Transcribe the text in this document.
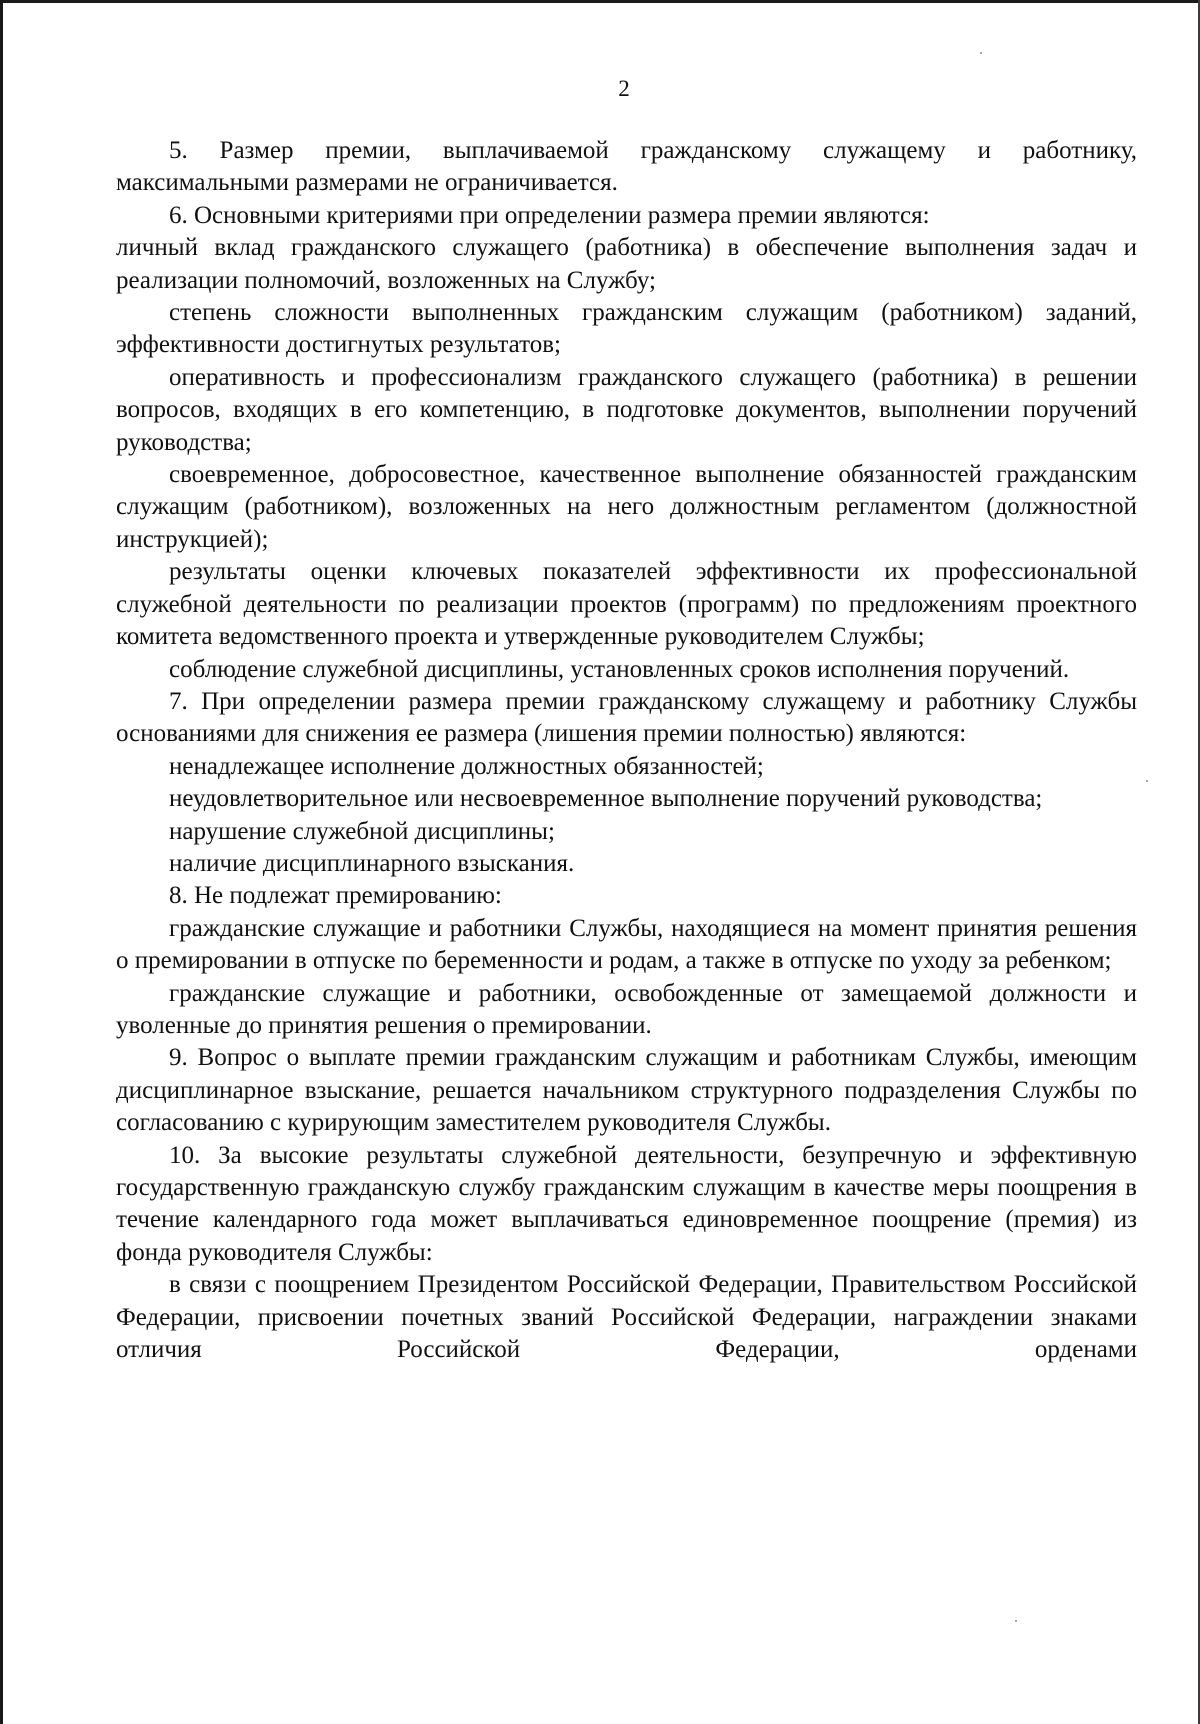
2

5. Размер премии, выплачиваемой гражданскому служащему и работнику, максимальными размерами не ограничивается.

6. Основными критериями при определении размера премии являются:

личный вклад гражданского служащего (работника) в обеспечение выполнения задач и реализации полномочий, возложенных на Службу;

степень сложности выполненных гражданским служащим (работником) заданий, эффективности достигнутых результатов;

оперативность и профессионализм гражданского служащего (работника) в решении вопросов, входящих в его компетенцию, в подготовке документов, выполнении поручений руководства;

своевременное, добросовестное, качественное выполнение обязанностей гражданским служащим (работником), возложенных на него должностным регламентом (должностной инструкцией);

результаты оценки ключевых показателей эффективности их профессиональной служебной деятельности по реализации проектов (программ) по предложениям проектного комитета ведомственного проекта и утвержденные руководителем Службы;

соблюдение служебной дисциплины, установленных сроков исполнения поручений.

7. При определении размера премии гражданскому служащему и работнику Службы основаниями для снижения ее размера (лишения премии полностью) являются:

ненадлежащее исполнение должностных обязанностей;

неудовлетворительное или несвоевременное выполнение поручений руководства;

нарушение служебной дисциплины;

наличие дисциплинарного взыскания.

8. Не подлежат премированию:

гражданские служащие и работники Службы, находящиеся на момент принятия решения о премировании в отпуске по беременности и родам, а также в отпуске по уходу за ребенком;

гражданские служащие и работники, освобожденные от замещаемой должности и уволенные до принятия решения о премировании.

9. Вопрос о выплате премии гражданским служащим и работникам Службы, имеющим дисциплинарное взыскание, решается начальником структурного подразделения Службы по согласованию с курирующим заместителем руководителя Службы.

10. За высокие результаты служебной деятельности, безупречную и эффективную государственную гражданскую службу гражданским служащим в качестве меры поощрения в течение календарного года может выплачиваться единовременное поощрение (премия) из фонда руководителя Службы:

в связи с поощрением Президентом Российской Федерации, Правительством Российской Федерации, присвоении почетных званий Российской Федерации, награждении знаками отличия Российской Федерации, орденами
